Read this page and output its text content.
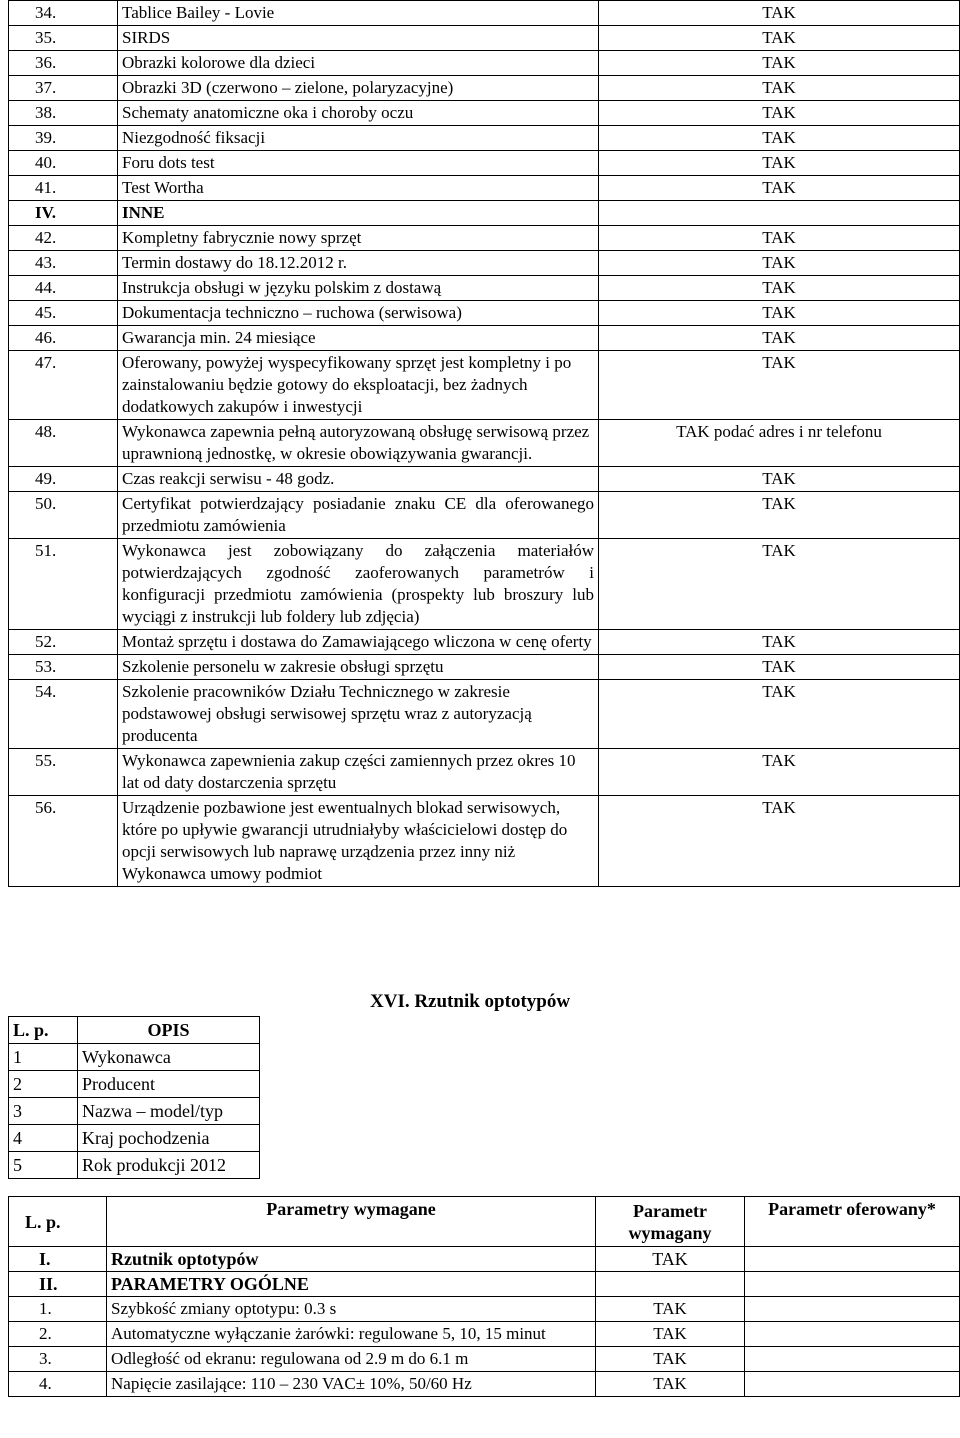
34.	Tablice Bailey - Lovie	TAK
35.	SIRDS	TAK
36.	Obrazki kolorowe dla dzieci	TAK
37.	Obrazki 3D (czerwono – zielone, polaryzacyjne)	TAK
38.	Schematy anatomiczne oka i choroby oczu	TAK
39.	Niezgodność fiksacji	TAK
40.	Foru dots test	TAK
41.	Test Wortha	TAK
IV.	INNE	
42.	Kompletny fabrycznie nowy sprzęt	TAK
43.	Termin dostawy do 18.12.2012 r.	TAK
44.	Instrukcja obsługi w języku polskim z dostawą	TAK
45.	Dokumentacja techniczno – ruchowa (serwisowa)	TAK
46.	Gwarancja min. 24 miesiące	TAK
47.	Oferowany, powyżej wyspecyfikowany sprzęt jest kompletny i po zainstalowaniu będzie gotowy do eksploatacji, bez żadnych dodatkowych zakupów i inwestycji	TAK
48.	Wykonawca zapewnia pełną autoryzowaną obsługę serwisową przez uprawnioną jednostkę, w okresie obowiązywania gwarancji.	TAK podać adres i nr telefonu
49.	Czas reakcji serwisu - 48 godz.	TAK
50.	Certyfikat potwierdzający posiadanie znaku CE dla oferowanego przedmiotu zamówienia	TAK
51.	Wykonawca jest zobowiązany do załączenia materiałów potwierdzających zgodność zaoferowanych parametrów i konfiguracji przedmiotu zamówienia (prospekty lub broszury lub wyciągi z instrukcji lub foldery lub zdjęcia)	TAK
52.	Montaż sprzętu i dostawa do Zamawiającego wliczona w cenę oferty	TAK
53.	Szkolenie personelu w zakresie obsługi sprzętu	TAK
54.	Szkolenie pracowników Działu Technicznego w zakresie podstawowej obsługi serwisowej sprzętu wraz z autoryzacją producenta	TAK
55.	Wykonawca zapewnienia zakup części zamiennych przez okres 10 lat od daty dostarczenia sprzętu	TAK
56.	Urządzenie pozbawione jest ewentualnych blokad serwisowych, które po upływie gwarancji utrudniałyby właścicielowi dostęp do opcji serwisowych lub naprawę urządzenia przez inny niż Wykonawca umowy podmiot	TAK
XVI. Rzutnik optotypów
L. p.	OPIS
1	Wykonawca
2	Producent
3	Nazwa – model/typ
4	Kraj pochodzenia
5	Rok produkcji 2012
L. p.	Parametry wymagane	Parametr wymagany	Parametr oferowany*
I.	Rzutnik optotypów	TAK	
II.	PARAMETRY OGÓLNE		
1.	Szybkość zmiany optotypu: 0.3 s	TAK	
2.	Automatyczne wyłączanie żarówki: regulowane 5, 10, 15 minut	TAK	
3.	Odległość od ekranu: regulowana od 2.9 m do 6.1 m	TAK	
4.	Napięcie zasilające: 110 – 230 VAC± 10%, 50/60 Hz	TAK	
